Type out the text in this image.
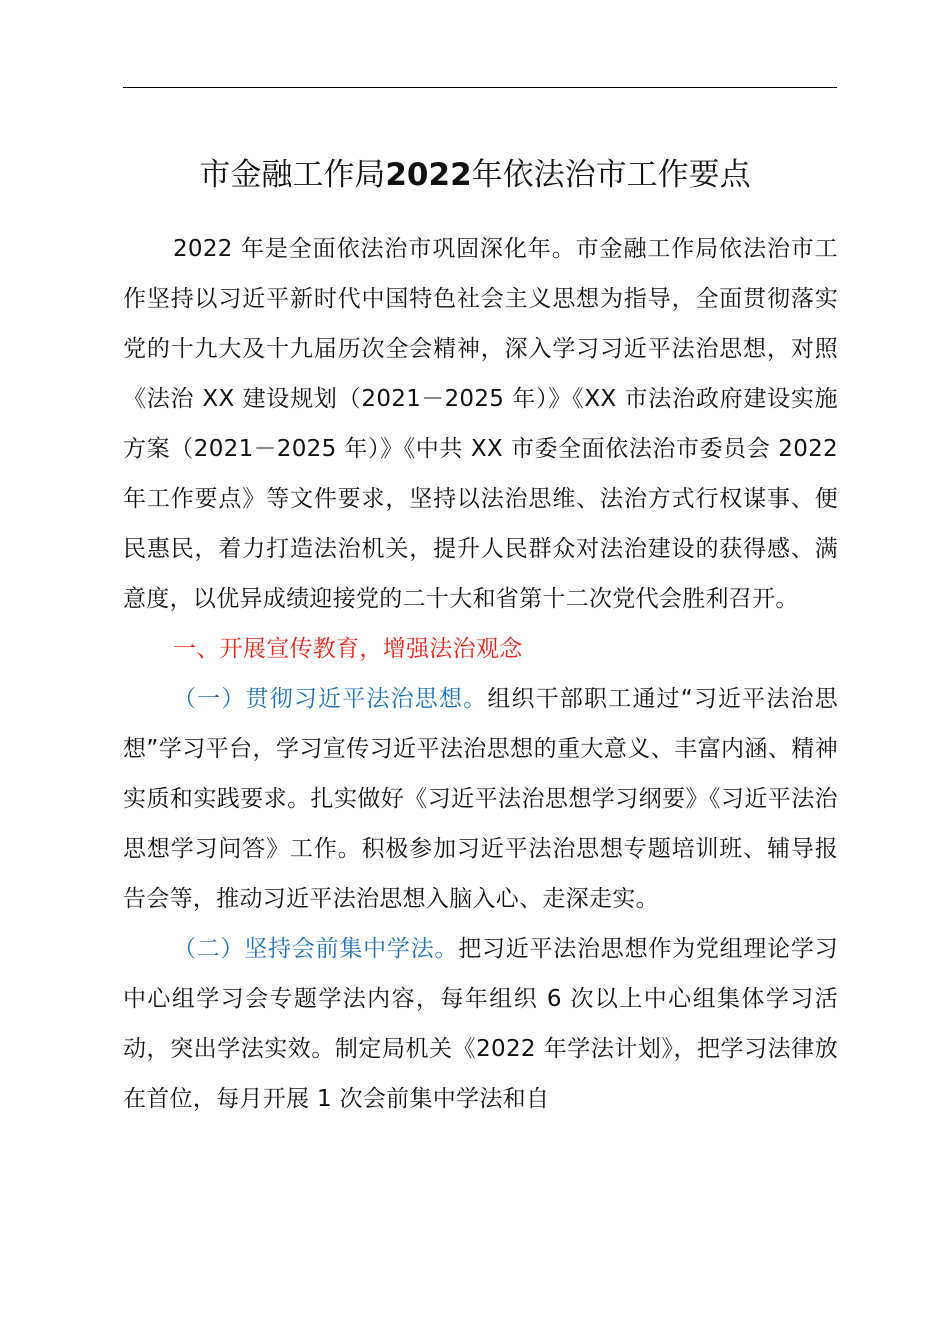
市金融工作局2022年依法治市工作要点

2022 年是全面依法治市巩固深化年。市金融工作局依法治市工作坚持以习近平新时代中国特色社会主义思想为指导，全面贯彻落实党的十九大及十九届历次全会精神，深入学习习近平法治思想，对照《法治 XX 建设规划（2021－2025 年）》《XX 市法治政府建设实施方案（2021－2025 年）》《中共 XX 市委全面依法治市委员会 2022 年工作要点》等文件要求，坚持以法治思维、法治方式行权谋事、便民惠民，着力打造法治机关，提升人民群众对法治建设的获得感、满意度，以优异成绩迎接党的二十大和省第十二次党代会胜利召开。

一、开展宣传教育，增强法治观念

（一）贯彻习近平法治思想。组织干部职工通过“习近平法治思想”学习平台，学习宣传习近平法治思想的重大意义、丰富内涵、精神实质和实践要求。扎实做好《习近平法治思想学习纲要》《习近平法治思想学习问答》工作。积极参加习近平法治思想专题培训班、辅导报告会等，推动习近平法治思想入脑入心、走深走实。

（二）坚持会前集中学法。把习近平法治思想作为党组理论学习中心组学习会专题学法内容，每年组织 6 次以上中心组集体学习活动，突出学法实效。制定局机关《2022 年学法计划》，把学习法律放在首位，每月开展 1 次会前集中学法和自
